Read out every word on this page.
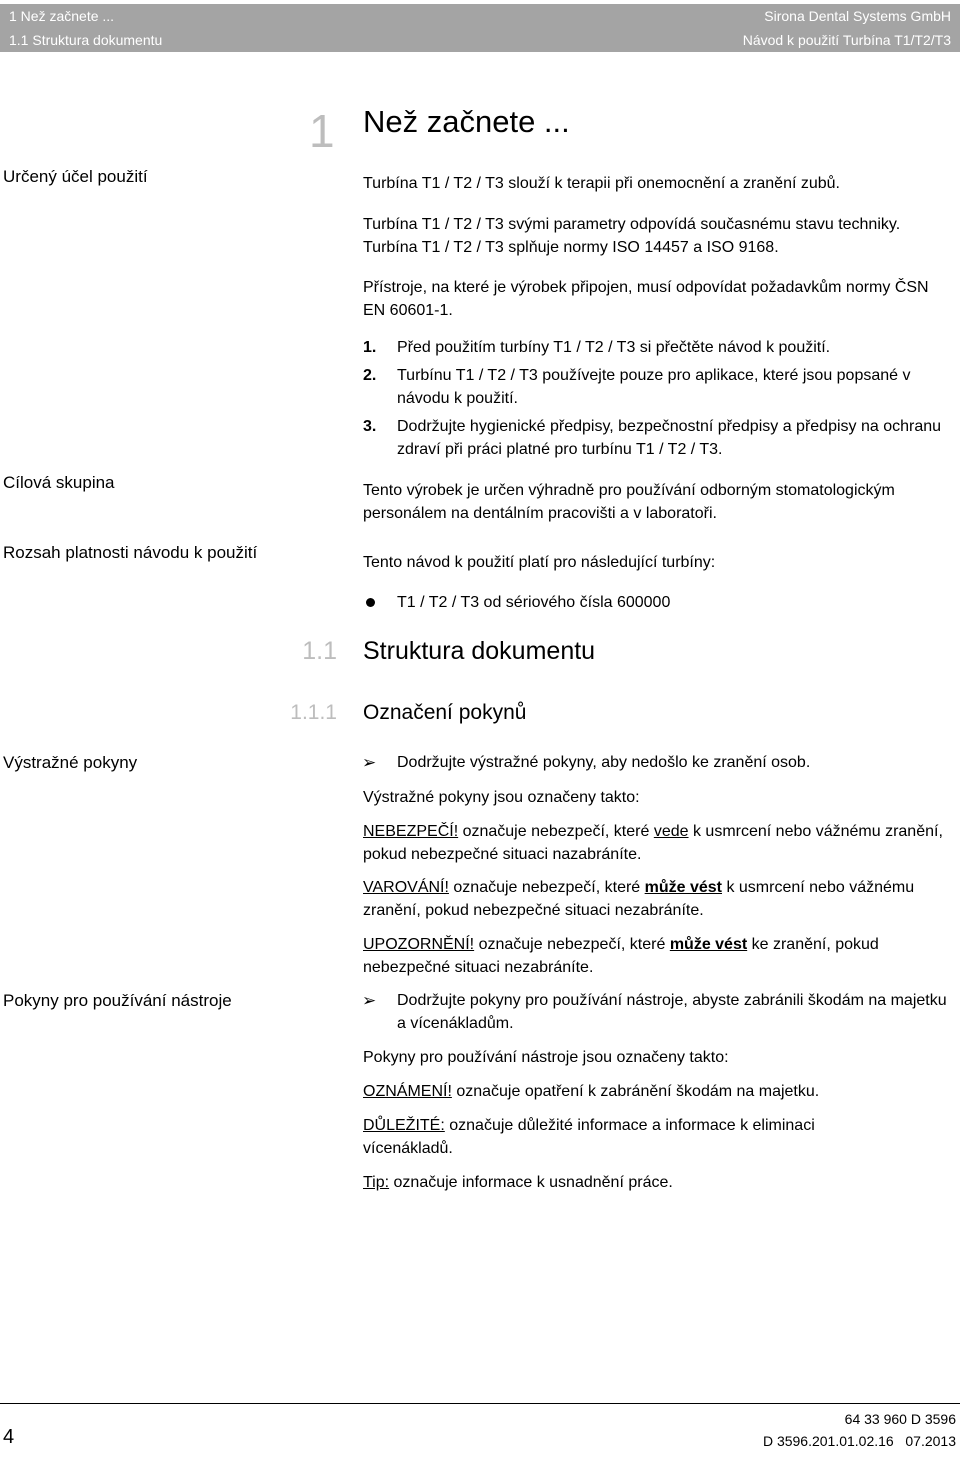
1 Než začnete ...
1.1 Struktura dokumentu
Sirona Dental Systems GmbH
Návod k použití Turbína T1/T2/T3
1 Než začnete ...
Určený účel použití
Cílová skupina
Rozsah platnosti návodu k použití
Výstražné pokyny
Pokyny pro používání nástroje
Turbína T1 / T2 / T3 slouží k terapii při onemocnění a zranění zubů.
Turbína T1 / T2 / T3 svými parametry odpovídá současnému stavu techniky. Turbína T1 / T2 / T3 splňuje normy ISO 14457 a ISO 9168.
Přístroje, na které je výrobek připojen, musí odpovídat požadavkům normy ČSN EN 60601-1.
1. Před použitím turbíny T1 / T2 / T3 si přečtěte návod k použití.
2. Turbínu T1 / T2 / T3 používejte pouze pro aplikace, které jsou popsané v návodu k použití.
3. Dodržujte hygienické předpisy, bezpečnostní předpisy a předpisy na ochranu zdraví při práci platné pro turbínu T1 / T2 / T3.
Tento výrobek je určen výhradně pro používání odborným stomatologickým personálem na dentálním pracovišti a v laboratoři.
Tento návod k použití platí pro následující turbíny:
T1 / T2 / T3 od sériového čísla 600000
1.1 Struktura dokumentu
1.1.1 Označení pokynů
➢ Dodržujte výstražné pokyny, aby nedošlo ke zranění osob.
Výstražné pokyny jsou označeny takto:
NEBEZPEČÍ! označuje nebezpečí, které vede k usmrcení nebo vážnému zranění, pokud nebezpečné situaci nazabráníte.
VAROVÁNÍ! označuje nebezpečí, které může vést k usmrcení nebo vážnému zranění, pokud nebezpečné situaci nezabráníte.
UPOZORNĚNÍ! označuje nebezpečí, které může vést ke zranění, pokud nebezpečné situaci nezabráníte.
➢ Dodržujte pokyny pro používání nástroje, abyste zabránili škodám na majetku a vícenákladům.
Pokyny pro používání nástroje jsou označeny takto:
OZNÁMENÍ! označuje opatření k zabránění škodám na majetku.
DŮLEŽITÉ: označuje důležité informace a informace k eliminaci vícenákladů.
Tip: označuje informace k usnadnění práce.
4
64 33 960 D 3596
D 3596.201.01.02.16   07.2013
